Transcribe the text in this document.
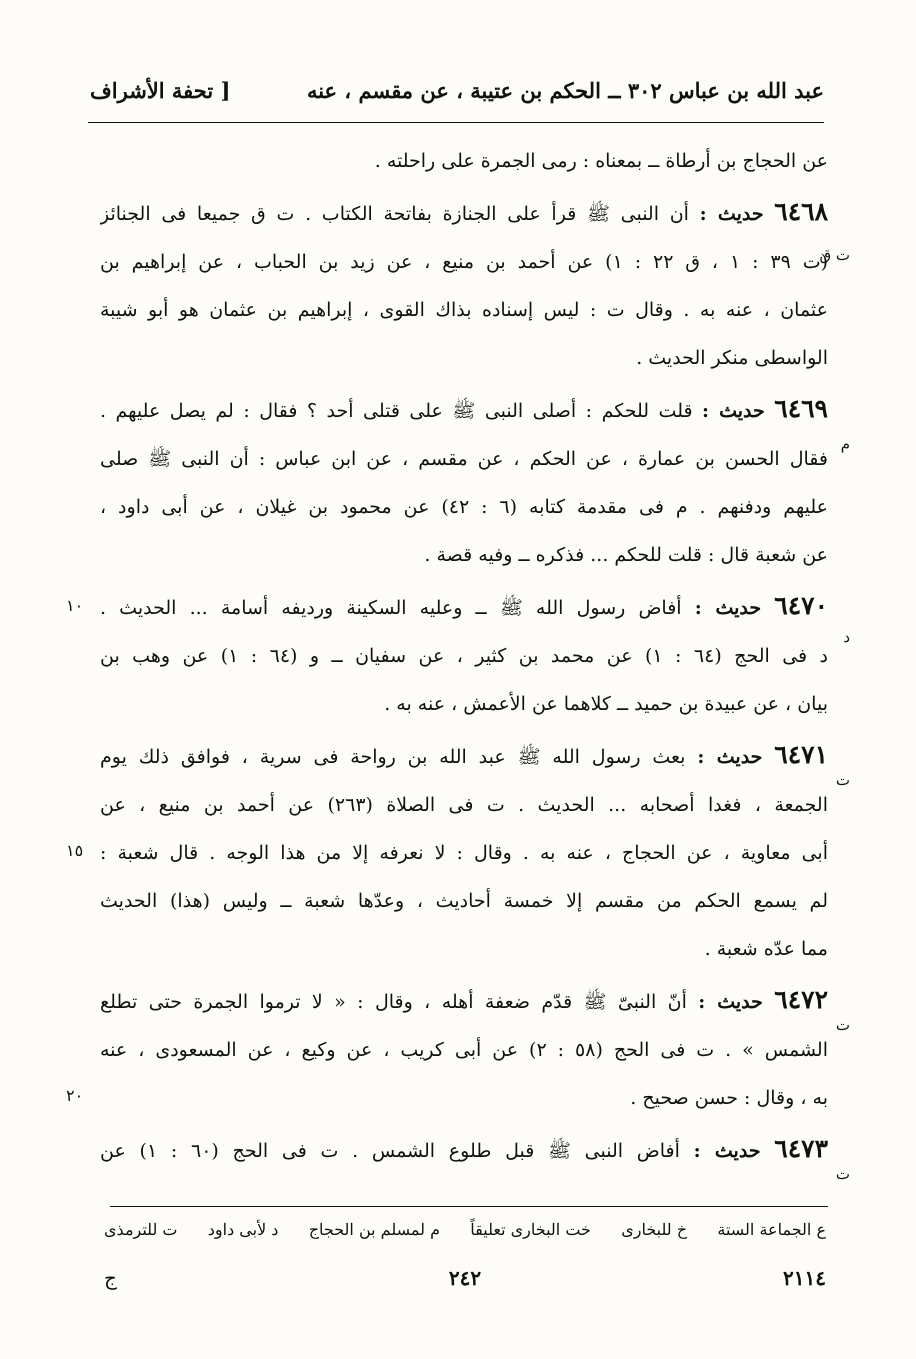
عبد الله بن عباس ٣٠٢ ــ الحكم بن عتيبة ، عن مقسم ، عنه
[ تحفة الأشراف
عن الحجاج بن أرطاة ــ بمعناه : رمى الجمرة على راحلته .
ت ق
٦٤٦٨ حديث : أن النبى ﷺ قرأ على الجنازة بفاتحة الكتاب . ت ق جميعا فى الجنائز
(ت ٣٩ : ١ ، ق ٢٢ : ١) عن أحمد بن منيع ، عن زيد بن الحباب ، عن إبراهيم بن
عثمان ، عنه به . وقال ت : ليس إسناده بذاك القوى ، إبراهيم بن عثمان هو أبو شيبة
الواسطى منكر الحديث .
م
٦٤٦٩ حديث : قلت للحكم : أصلى النبى ﷺ على قتلى أحد ؟ فقال : لم يصل عليهم .
فقال الحسن بن عمارة ، عن الحكم ، عن مقسم ، عن ابن عباس : أن النبى ﷺ صلى
عليهم ودفنهم . م فى مقدمة كتابه (٦ : ٤٢) عن محمود بن غيلان ، عن أبى داود ،
عن شعبة قال : قلت للحكم ... فذكره ــ وفيه قصة .
د
١٠	٦٤٧٠ حديث : أفاض رسول الله ﷺ ــ وعليه السكينة وردیفه أسامة ... الحديث .
د فى الحج (٦٤ : ١) عن محمد بن كثير ، عن سفيان ــ و (٦٤ : ١) عن وهب بن
بيان ، عن عبيدة بن حميد ــ كلاهما عن الأعمش ، عنه به .
ت
١٥
٦٤٧١ حديث : بعث رسول الله ﷺ عبد الله بن رواحة فى سرية ، فوافق ذلك يوم
الجمعة ، فغدا أصحابه ... الحديث . ت فى الصلاة (٢٦٣) عن أحمد بن منيع ، عن
أبى معاوية ، عن الحجاج ، عنه به . وقال : لا نعرفه إلا من هذا الوجه . قال شعبة :
لم يسمع الحكم من مقسم إلا خمسة أحاديث ، وعدّها شعبة ــ وليس (هذا) الحديث
مما عدّه شعبة .
ت
٢٠
٦٤٧٢ حديث : أنّ النبىّ ﷺ قدّم ضعفة أهله ، وقال : « لا ترموا الجمرة حتى تطلع
الشمس » . ت فى الحج (٥٨ : ٢) عن أبى كريب ، عن وكيع ، عن المسعودى ، عنه
به ، وقال : حسن صحيح .
ت
٦٤٧٣ حديث : أفاض النبى ﷺ قبل طلوع الشمس . ت فى الحج (٦٠ : ١) عن
ع الجماعة الستة
خ للبخارى
خت البخارى تعليقاً
م لمسلم بن الحجاج
د لأبى داود
ت للترمذى
٢١١٤
٢٤٢
ج
